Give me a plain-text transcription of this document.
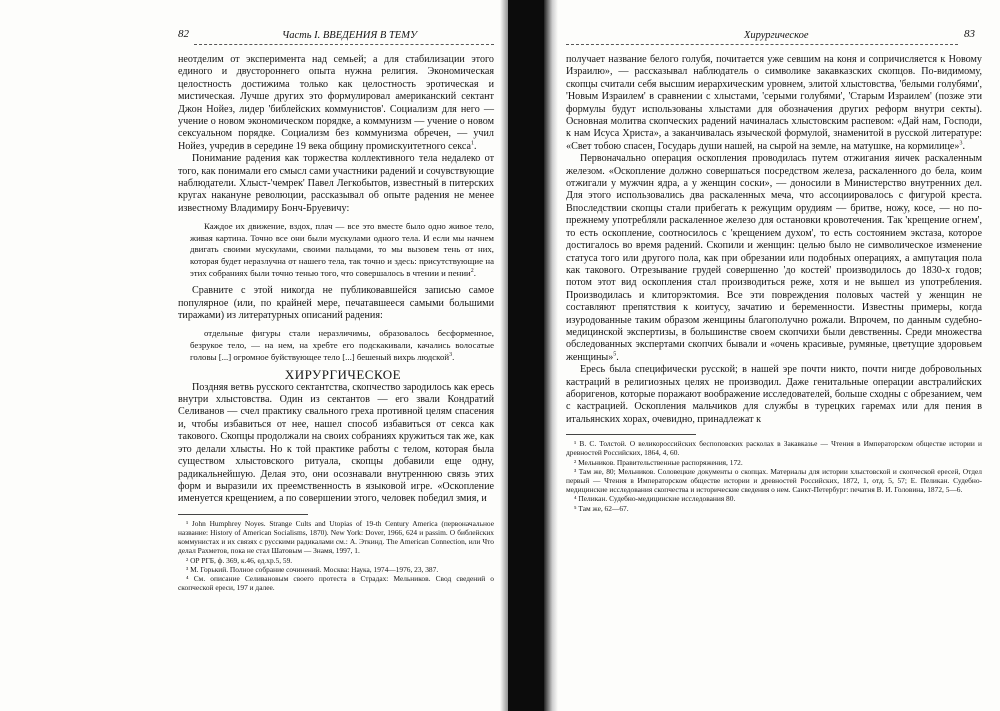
82	Часть I. ВВЕДЕНИЯ В ТЕМУ

неотделим от эксперимента над семьей; а для стабилизации этого единого и двустороннего опыта нужна религия. Экономическая целостность достижима только как целостность эротическая и мистическая. Лучше других это формулировал американский сектант Джон Нойез, лидер 'библейских коммунистов'. Социализм для него — учение о новом экономическом порядке, а коммунизм — учение о новом сексуальном порядке. Социализм без коммунизма обречен, — учил Нойез, учредив в середине 19 века общину промискуитетного секса$^1$.

Понимание радения как торжества коллективного тела недалеко от того, как понимали его смысл сами участники радений и сочувствующие наблюдатели. Хлыст-'чемрек' Павел Легкобытов, известный в питерских кругах накануне революции, рассказывал об опыте радения не менее известному Владимиру Бонч-Бруевичу:

Каждое их движение, вздох, плач — все это вместе было одно живое тело, живая картина. Точно все они были мускулами одного тела. И если мы начнем двигать своими мускулами, своими пальцами, то мы вызовем тень от них, которая будет неразлучна от нашего тела, так точно и здесь: присутствующие на этих собраниях были точно тенью того, что совершалось в чтении и пении$^2$.

Сравните с этой никогда не публиковавшейся записью самое популярное (или, по крайней мере, печатавшееся самыми большими тиражами) из литературных описаний радения:

отдельные фигуры стали неразличимы, образовалось бесформенное, безрукое тело, — на нем, на хребте его подскакивали, качались волосатые головы [...] огромное буйствующее тело [...] бешеный вихрь людской$^3$.

ХИРУРГИЧЕСКОЕ

Поздняя ветвь русского сектантства, скопчество зародилось как ересь внутри хлыстовства. Один из сектантов — его звали Кондратий Селиванов — счел практику свального греха противной целям спасения и, чтобы избавиться от нее, нашел способ избавиться от секса как такового. Скопцы продолжали на своих собраниях кружиться так же, как это делали хлысты. Но к той практике работы с телом, которая была существом хлыстовского ритуала, скопцы добавили еще одну, радикальнейшую. Делая это, они осознавали внутреннюю связь этих форм и выразили их преемственность в языковой игре. «Оскопление именуется крещением, а по совершении этого, человек победил змия, и

¹ John Humphrey Noyes. Strange Cults and Utopias of 19-th Century America (первоначальное название: History of American Socialisms, 1870). New York: Dover, 1966, 624 и passim. О библейских коммунистах и их связях с русскими радикалами см.: А. Эткинд. The American Connection, или Что делал Рахметов, пока не стал Шатовым — Знамя, 1997, 1.
² ОР РГБ, ф. 369, к.46, ед.хр.5, 59.
³ М. Горький. Полное собрание сочинений. Москва: Наука, 1974—1976, 23, 387.
⁴ См. описание Селивановым своего протеста в Страдах: Мельников. Свод сведений о скопческой ереси, 197 и далее.
Хирургическое	83

получает название белого голубя, почитается уже севшим на коня и сопричисляется к Новому Израилю», — рассказывал наблюдатель о символике закавказских скопцов. По-видимому, скопцы считали себя высшим иерархическим уровнем, элитой хлыстовства, 'белыми голубями', 'Новым Израилем' в сравнении с хлыстами, 'серыми голубями', 'Старым Израилем' (позже эти формулы будут использованы хлыстами для обозначения других реформ внутри секты). Основная молитва скопческих радений начиналась хлыстовским распевом: «Дай нам, Господи, к нам Исуса Христа», а заканчивалась языческой формулой, знаменитой в русской литературе: «Свет тобою спасен, Государь души нашей, на сырой на земле, на матушке, на кормилице»$^3$.

Первоначально операция оскопления проводилась путем отжигания яичек раскаленным железом. «Оскопление должно совершаться посредством железа, раскаленного до бела, коим отжигали у мужчин ядра, а у женщин соски», — доносили в Министерство внутренних дел. Для этого использовались два раскаленных меча, что ассоциировалось с фигурой креста. Впоследствии скопцы стали прибегать к режущим орудиям — бритве, ножу, косе, — но по-прежнему употребляли раскаленное железо для остановки кровотечения. Так 'крещение огнем', то есть оскопление, соотносилось с 'крещением духом', то есть состоянием экстаза, которое достигалось во время радений. Скопили и женщин: целью было не символическое изменение статуса того или другого пола, как при обрезании или подобных операциях, а ампутация пола как такового. Отрезывание грудей совершенно 'до костей' производилось до 1830-х годов; потом этот вид оскопления стал производиться реже, хотя и не вышел из употребления. Производилась и клиторэктомия. Все эти повреждения половых частей у женщин не составляют препятствия к коитусу, зачатию и беременности. Известны примеры, когда изуродованные таким образом женщины благополучно рожали. Впрочем, по данным судебно-медицинской экспертизы, в большинстве своем скопчихи были девственны. Среди множества обследованных экспертами скопчих бывали и «очень красивые, румяные, цветущие здоровьем женщины»$^5$.

Ересь была специфически русской; в нашей эре почти никто, почти нигде добровольных кастраций в религиозных целях не производил. Даже генитальные операции австралийских аборигенов, которые поражают воображение исследователей, больше сходны с обрезанием, чем с кастрацией. Оскопления мальчиков для службы в турецких гаремах или для пения в итальянских хорах, очевидно, принадлежат к

¹ В. С. Толстой. О великороссийских беспоповских расколах в Закавказье — Чтения в Императорском обществе истории и древностей Российских, 1864, 4, 60.
² Мельников. Правительственные распоряжения, 172.
³ Там же, 80; Мельников. Соловецкие документы о скопцах. Материалы для истории хлыстовской и скопческой ересей, Отдел первый — Чтения в Императорском обществе истории и древностей Российских, 1872, 1, отд. 5, 57; Е. Пеликан. Судебно-медицинские исследования скопчества и исторические сведения о нем. Санкт-Петербург: печатня В. И. Головина, 1872, 5—6.
⁴ Пеликан. Судебно-медицинские исследования 80.
⁵ Там же, 62—67.
